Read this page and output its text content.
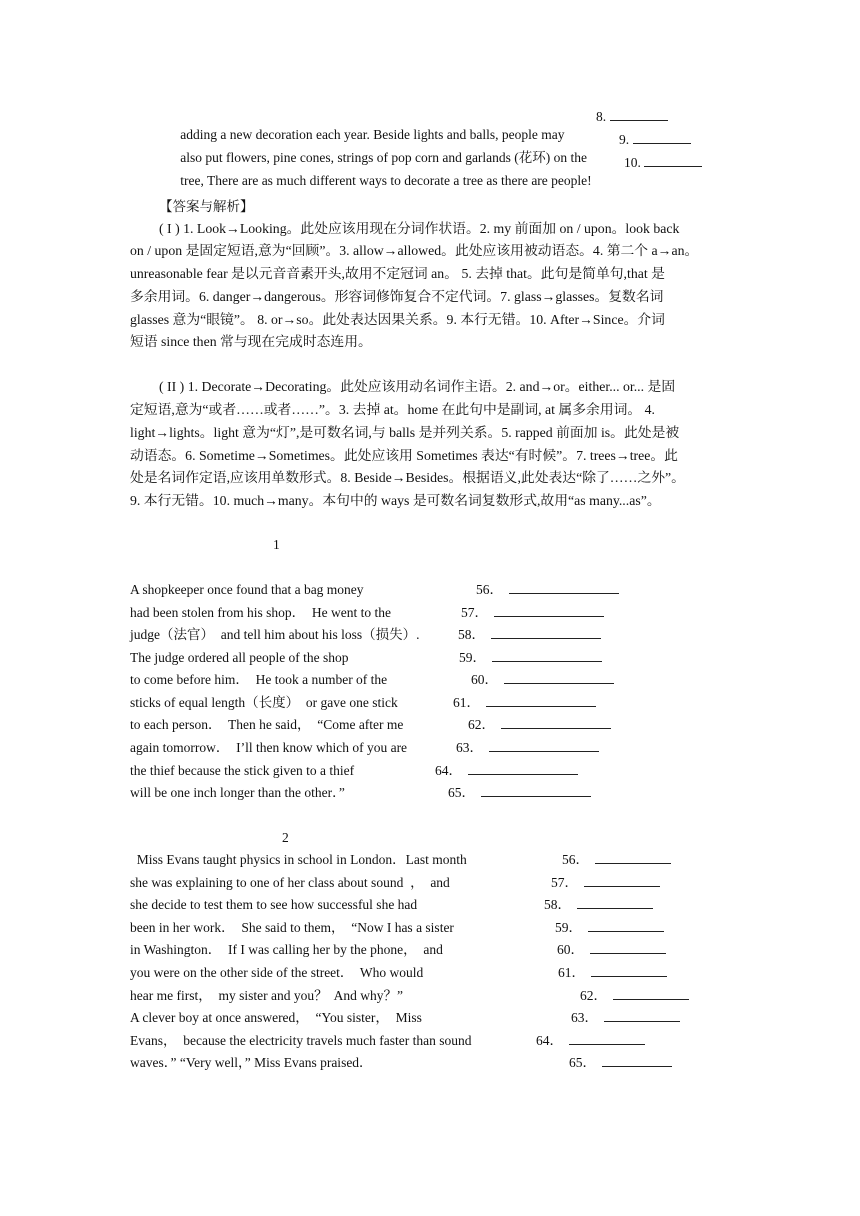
adding a new decoration each year. Beside lights and balls, people may

8.

also put flowers, pine cones, strings of pop corn and garlands (花环) on the

9.

tree, There are as much different ways to decorate a tree as there are people!

10.

【答案与解析】
( I ) 1. Look→Looking。此处应该用现在分词作状语。2. my 前面加 on / upon。look back
on / upon 是固定短语,意为“回顾”。3. allow→allowed。此处应该用被动语态。4. 第二个 a→an。
unreasonable fear 是以元音音素开头,故用不定冠词 an。 5. 去掉 that。此句是简单句,that 是
多余用词。6. danger→dangerous。形容词修饰复合不定代词。7. glass→glasses。复数名词
glasses 意为“眼镜”。 8. or→so。此处表达因果关系。9. 本行无错。10. After→Since。介词
短语 since then 常与现在完成时态连用。
( II ) 1. Decorate→Decorating。此处应该用动名词作主语。2. and→or。either... or... 是固
定短语,意为“或者……或者……”。3. 去掉 at。home 在此句中是副词, at 属多余用词。 4.
light→lights。light 意为“灯”,是可数名词,与 balls 是并列关系。5. rapped 前面加 is。此处是被
动语态。6. Sometime→Sometimes。此处应该用 Sometimes 表达“有时候”。7. trees→tree。此
处是名词作定语,应该用单数形式。8. Beside→Besides。根据语义,此处表达“除了……之外”。
9. 本行无错。10. much→many。本句中的 ways 是可数名词复数形式,故用“as many...as”。
1
A shopkeeper once found that a bag money	56．
had been stolen from his shop．  He went to the	57．
judge（法官）  and tell him about his loss（损失）.	58．
The judge ordered all people of the shop	59．
to come before him．  He took a number of the	60．
sticks of equal length（长度）  or gave one stick	61．
to each person．  Then he said，  “Come after me	62．
again tomorrow．  I’ll then know which of you are	63．
the thief because the stick given to a thief	64．
will be one inch longer than the other．”	65．
2
Miss Evans taught physics in school in London．Last month	56．
she was explaining to one of her class about sound  ，  and	57．
she decide to test them to see how successful she had	58．
been in her work．  She said to them，  “Now I has a sister	59．
in Washington．  If I was calling her by the phone，  and	60．
you were on the other side of the street．  Who would	61．
hear me first，  my sister and you？  And why？”	62．
A clever boy at once answered，  “You sister，  Miss	63．
Evans，  because the electricity travels much faster than sound	64．
waves．” “Very well，” Miss Evans praised．	65．
